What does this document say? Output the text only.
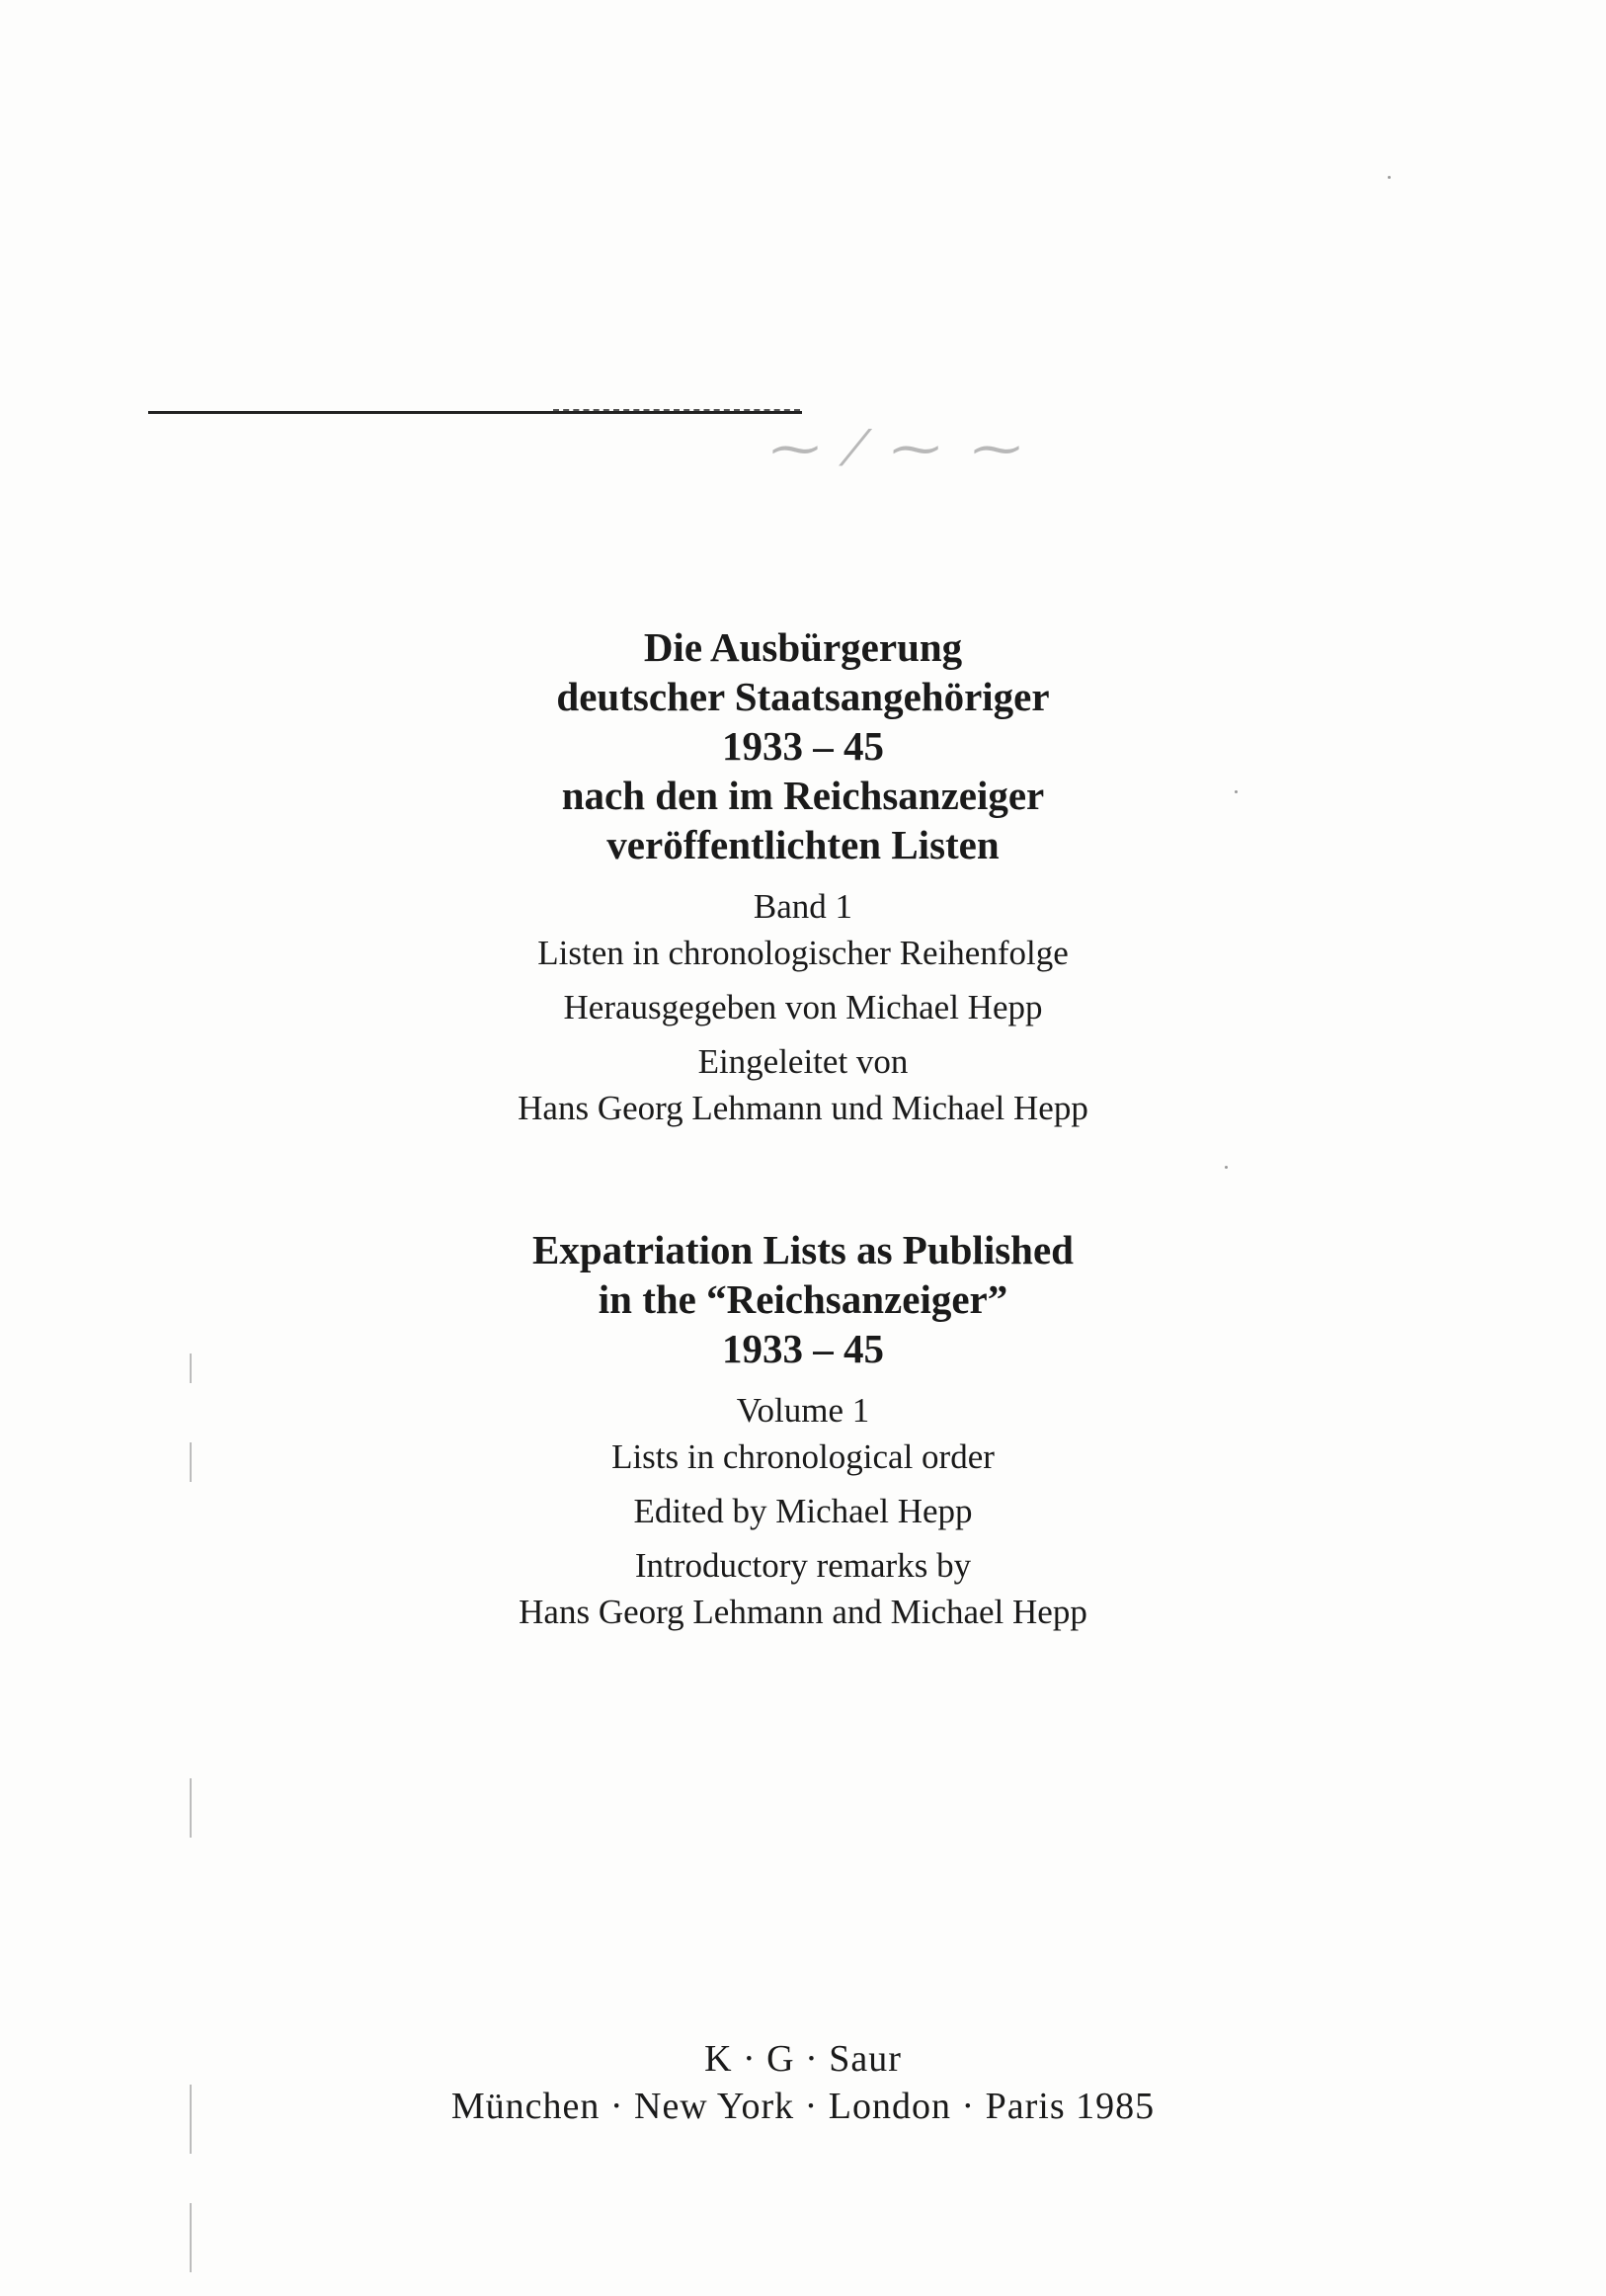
⁓ ⁄ ⁓ ⁓
Die Ausbürgerung
deutscher Staatsangehöriger
1933 – 45
nach den im Reichsanzeiger
veröffentlichten Listen
Band 1
Listen in chronologischer Reihenfolge
Herausgegeben von Michael Hepp
Eingeleitet von
Hans Georg Lehmann und Michael Hepp
Expatriation Lists as Published
in the “Reichsanzeiger”
1933 – 45
Volume 1
Lists in chronological order
Edited by Michael Hepp
Introductory remarks by
Hans Georg Lehmann and Michael Hepp
K · G · Saur
München · New York · London · Paris 1985
